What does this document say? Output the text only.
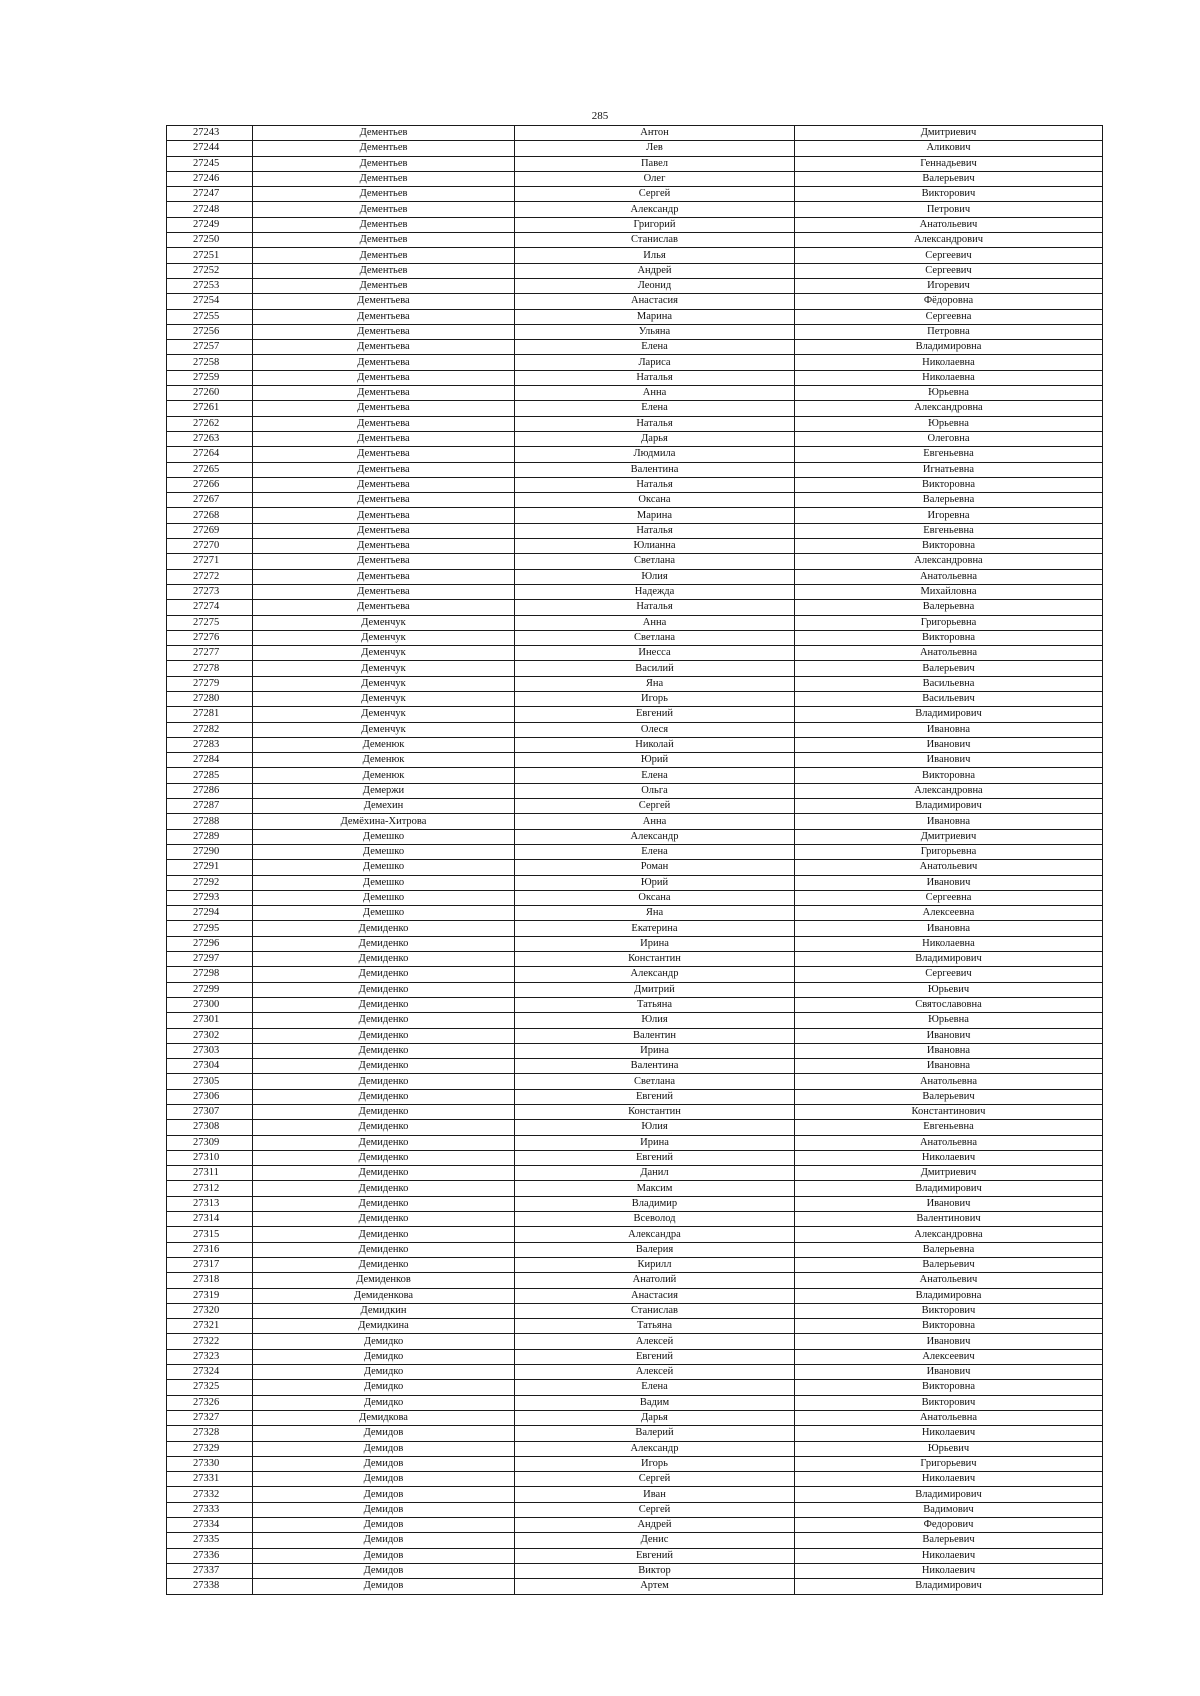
285
27243	Дементьев	Антон	Дмитриевич
27244	Дементьев	Лев	Аликович
27245	Дементьев	Павел	Геннадьевич
27246	Дементьев	Олег	Валерьевич
27247	Дементьев	Сергей	Викторович
27248	Дементьев	Александр	Петрович
27249	Дементьев	Григорий	Анатольевич
27250	Дементьев	Станислав	Александрович
27251	Дементьев	Илья	Сергеевич
27252	Дементьев	Андрей	Сергеевич
27253	Дементьев	Леонид	Игоревич
27254	Дементьева	Анастасия	Фёдоровна
27255	Дементьева	Марина	Сергеевна
27256	Дементьева	Ульяна	Петровна
27257	Дементьева	Елена	Владимировна
27258	Дементьева	Лариса	Николаевна
27259	Дементьева	Наталья	Николаевна
27260	Дементьева	Анна	Юрьевна
27261	Дементьева	Елена	Александровна
27262	Дементьева	Наталья	Юрьевна
27263	Дементьева	Дарья	Олеговна
27264	Дементьева	Людмила	Евгеньевна
27265	Дементьева	Валентина	Игнатьевна
27266	Дементьева	Наталья	Викторовна
27267	Дементьева	Оксана	Валерьевна
27268	Дементьева	Марина	Игоревна
27269	Дементьева	Наталья	Евгеньевна
27270	Дементьева	Юлианна	Викторовна
27271	Дементьева	Светлана	Александровна
27272	Дементьева	Юлия	Анатольевна
27273	Дементьева	Надежда	Михайловна
27274	Дементьева	Наталья	Валерьевна
27275	Деменчук	Анна	Григорьевна
27276	Деменчук	Светлана	Викторовна
27277	Деменчук	Инесса	Анатольевна
27278	Деменчук	Василий	Валерьевич
27279	Деменчук	Яна	Васильевна
27280	Деменчук	Игорь	Васильевич
27281	Деменчук	Евгений	Владимирович
27282	Деменчук	Олеся	Ивановна
27283	Деменюк	Николай	Иванович
27284	Деменюк	Юрий	Иванович
27285	Деменюк	Елена	Викторовна
27286	Демержи	Ольга	Александровна
27287	Демехин	Сергей	Владимирович
27288	Демёхина-Хитрова	Анна	Ивановна
27289	Демешко	Александр	Дмитриевич
27290	Демешко	Елена	Григорьевна
27291	Демешко	Роман	Анатольевич
27292	Демешко	Юрий	Иванович
27293	Демешко	Оксана	Сергеевна
27294	Демешко	Яна	Алексеевна
27295	Демиденко	Екатерина	Ивановна
27296	Демиденко	Ирина	Николаевна
27297	Демиденко	Константин	Владимирович
27298	Демиденко	Александр	Сергеевич
27299	Демиденко	Дмитрий	Юрьевич
27300	Демиденко	Татьяна	Святославовна
27301	Демиденко	Юлия	Юрьевна
27302	Демиденко	Валентин	Иванович
27303	Демиденко	Ирина	Ивановна
27304	Демиденко	Валентина	Ивановна
27305	Демиденко	Светлана	Анатольевна
27306	Демиденко	Евгений	Валерьевич
27307	Демиденко	Константин	Константинович
27308	Демиденко	Юлия	Евгеньевна
27309	Демиденко	Ирина	Анатольевна
27310	Демиденко	Евгений	Николаевич
27311	Демиденко	Данил	Дмитриевич
27312	Демиденко	Максим	Владимирович
27313	Демиденко	Владимир	Иванович
27314	Демиденко	Всеволод	Валентинович
27315	Демиденко	Александра	Александровна
27316	Демиденко	Валерия	Валерьевна
27317	Демиденко	Кирилл	Валерьевич
27318	Демиденков	Анатолий	Анатольевич
27319	Демиденкова	Анастасия	Владимировна
27320	Демидкин	Станислав	Викторович
27321	Демидкина	Татьяна	Викторовна
27322	Демидко	Алексей	Иванович
27323	Демидко	Евгений	Алексеевич
27324	Демидко	Алексей	Иванович
27325	Демидко	Елена	Викторовна
27326	Демидко	Вадим	Викторович
27327	Демидкова	Дарья	Анатольевна
27328	Демидов	Валерий	Николаевич
27329	Демидов	Александр	Юрьевич
27330	Демидов	Игорь	Григорьевич
27331	Демидов	Сергей	Николаевич
27332	Демидов	Иван	Владимирович
27333	Демидов	Сергей	Вадимович
27334	Демидов	Андрей	Федорович
27335	Демидов	Денис	Валерьевич
27336	Демидов	Евгений	Николаевич
27337	Демидов	Виктор	Николаевич
27338	Демидов	Артем	Владимирович
